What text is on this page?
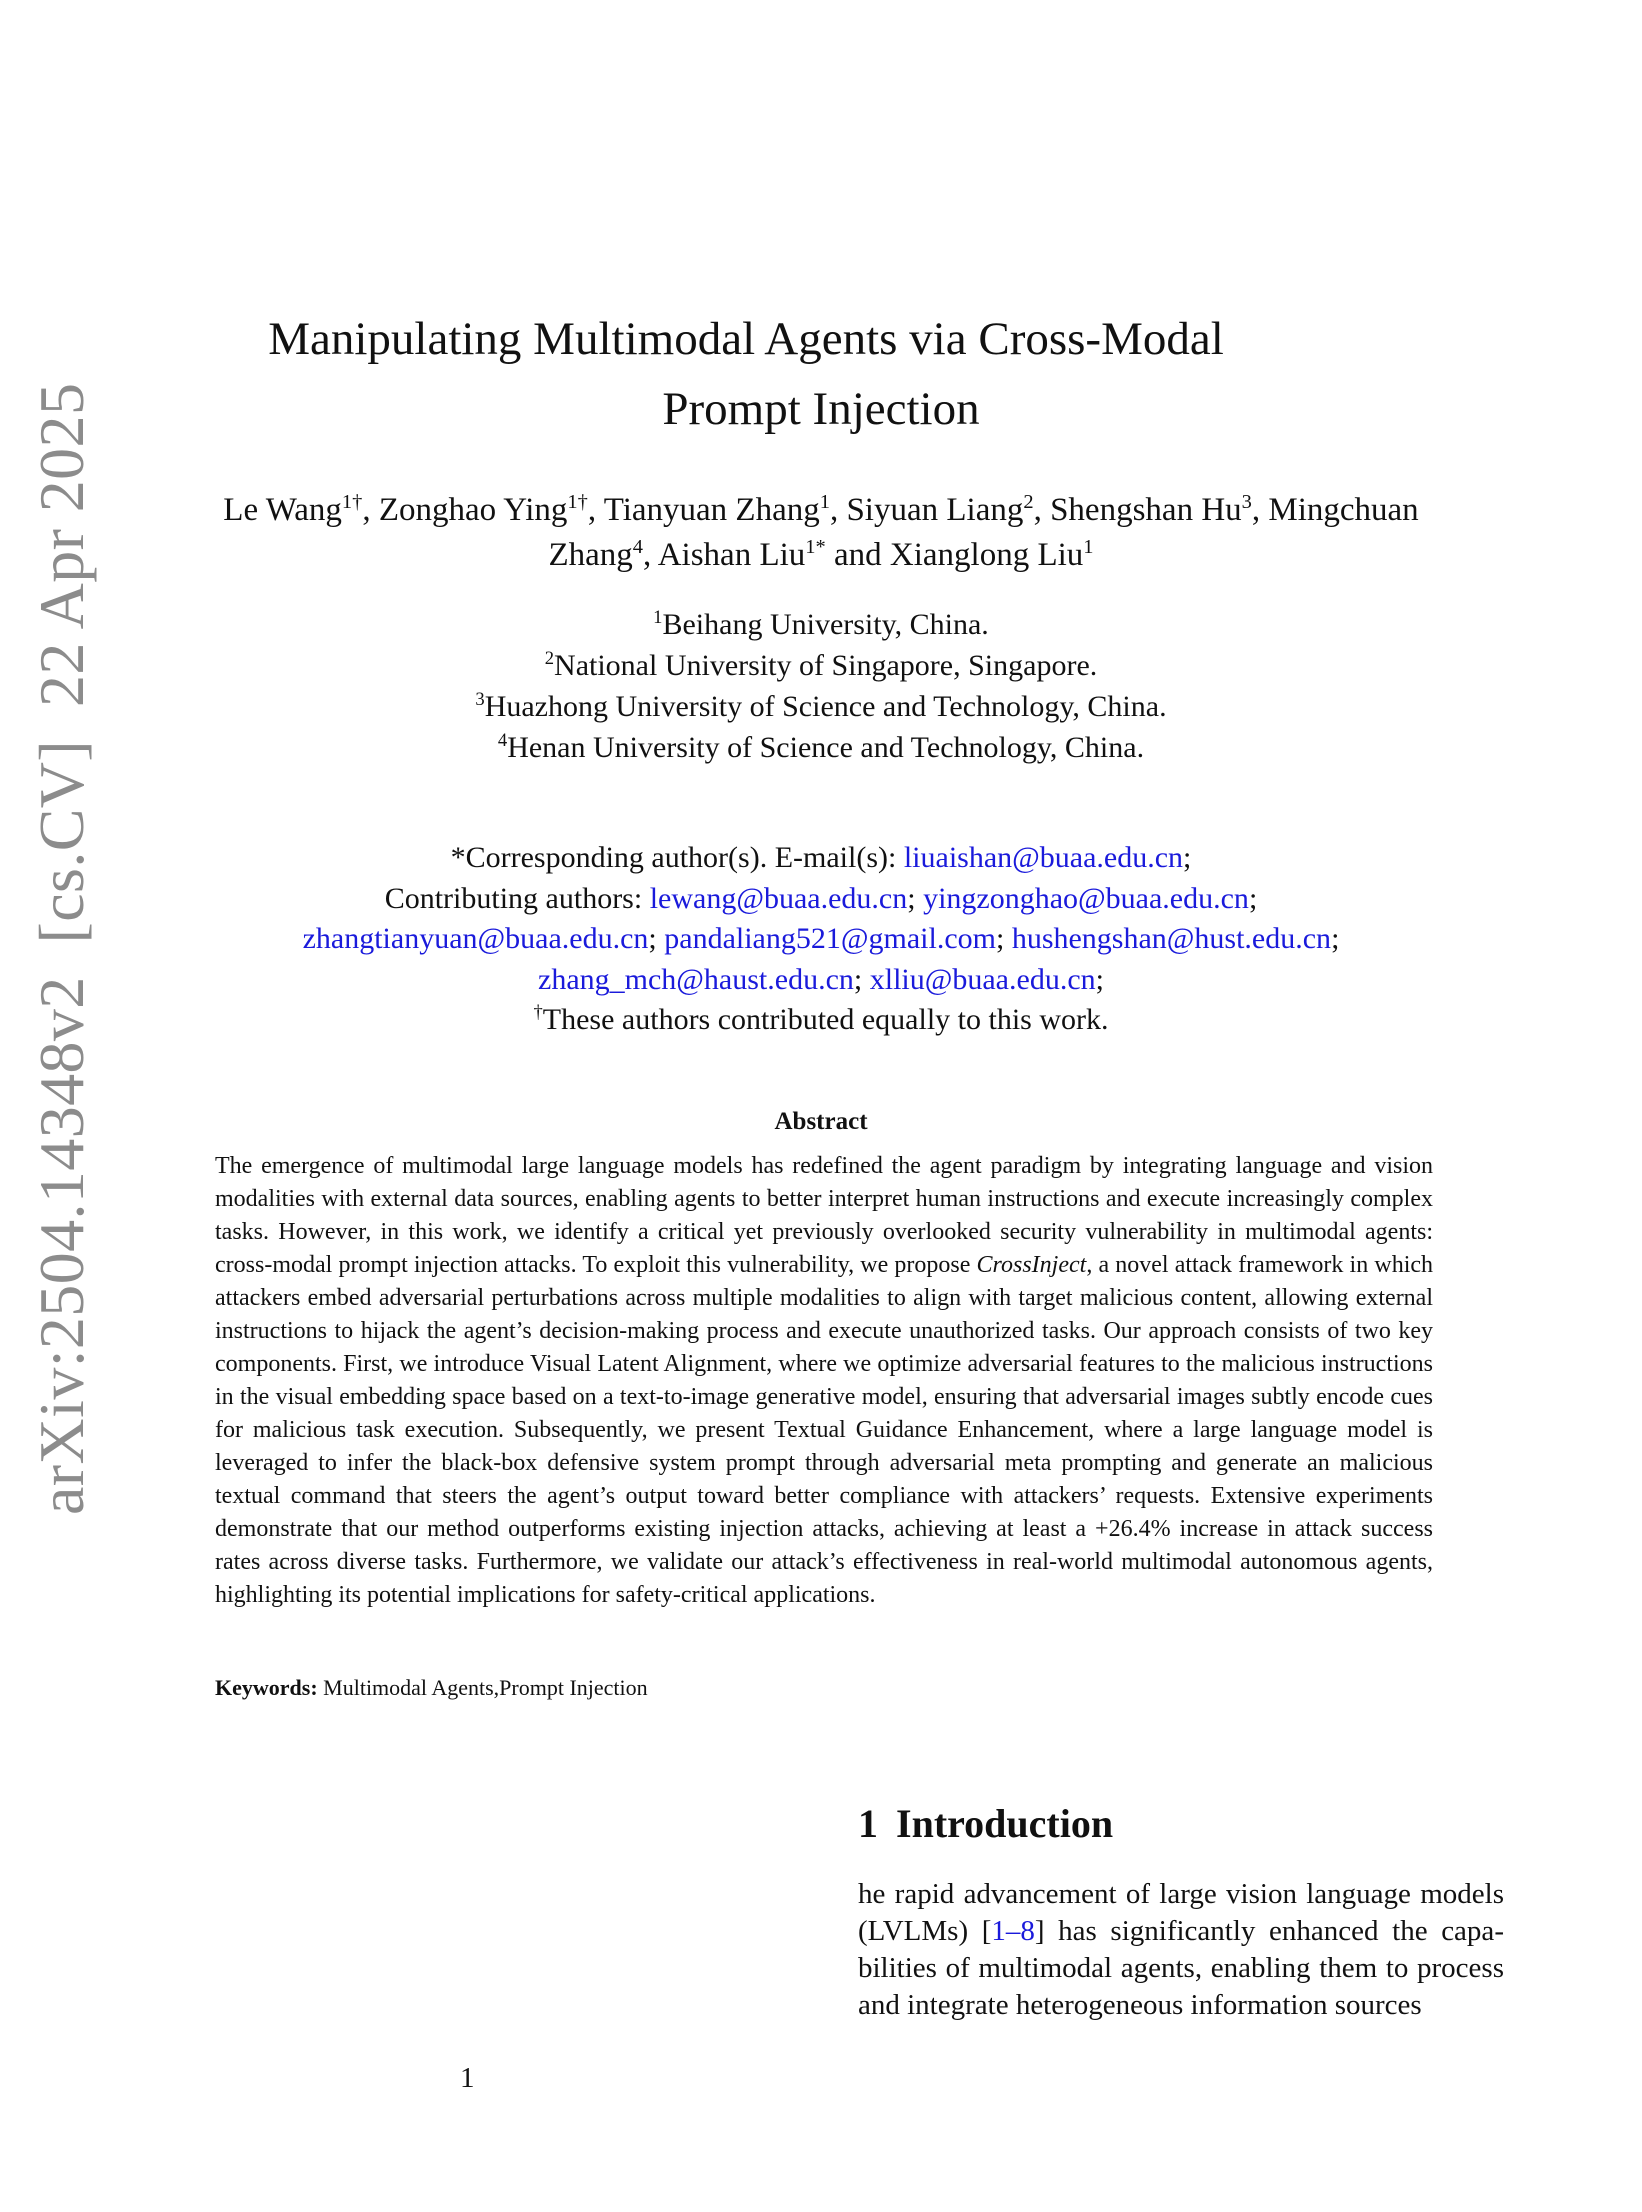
arXiv:2504.14348v2  [cs.CV]  22 Apr 2025
Manipulating Multimodal Agents via Cross-Modal
Prompt Injection
Le Wang$^{1\dagger}$, Zonghao Ying$^{1\dagger}$, Tianyuan Zhang$^1$, Siyuan Liang$^2$, Shengshan Hu$^3$, Mingchuan Zhang$^4$, Aishan Liu$^{1*}$ and Xianglong Liu$^1$
$^1$Beihang University, China.
$^2$National University of Singapore, Singapore.
$^3$Huazhong University of Science and Technology, China.
$^4$Henan University of Science and Technology, China.
*Corresponding author(s). E-mail(s): liuaishan@buaa.edu.cn;
Contributing authors: lewang@buaa.edu.cn; yingzonghao@buaa.edu.cn;
zhangtianyuan@buaa.edu.cn; pandaliang521@gmail.com; hushengshan@hust.edu.cn;
zhang_mch@haust.edu.cn; xlliu@buaa.edu.cn;
†These authors contributed equally to this work.
Abstract
The emergence of multimodal large language models has redefined the agent paradigm by integrating language and vision modalities with external data sources, enabling agents to better interpret human instructions and execute increasingly complex tasks. However, in this work, we identify a critical yet previously overlooked security vulnerability in multimodal agents: cross-modal prompt injection attacks. To exploit this vulnerability, we propose CrossInject, a novel attack framework in which attackers embed adversarial perturbations across multiple modalities to align with target malicious content, allowing external instructions to hijack the agent’s decision-making process and execute unauthorized tasks. Our approach consists of two key components. First, we introduce Visual Latent Alignment, where we optimize adversarial features to the malicious instructions in the visual embedding space based on a text-to-image generative model, ensuring that adversarial images subtly encode cues for malicious task execution. Subsequently, we present Textual Guidance Enhancement, where a large language model is leveraged to infer the black-box defensive system prompt through adversarial meta prompting and generate an malicious textual command that steers the agent’s output toward better compliance with attackers’ requests. Extensive experiments demonstrate that our method outperforms existing injection attacks, achieving at least a +26.4% increase in attack success rates across diverse tasks. Furthermore, we validate our attack’s effectiveness in real-world multimodal autonomous agents, highlighting its potential implications for safety-critical applications.
Keywords: Multimodal Agents,Prompt Injection
1 Introduction
he rapid advancement of large vision language models (LVLMs) [1–8] has significantly enhanced the capabilities of multimodal agents, enabling them to process and integrate heterogeneous information sources
1
